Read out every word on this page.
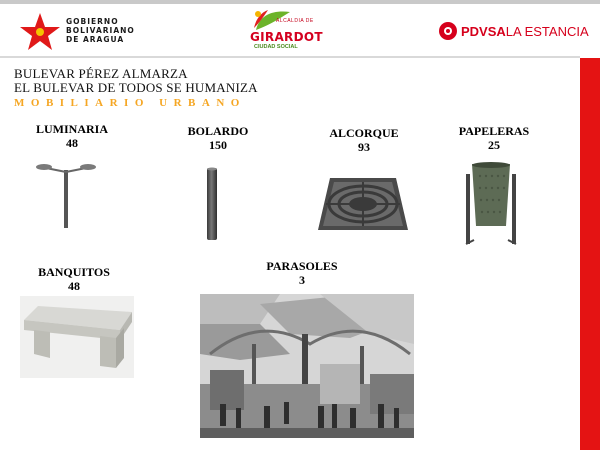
GOBIERNO
BOLIVARIANO
DE ARAGUA
ALCALDIA DE
GIRARDOT
CIUDAD SOCIAL
PDVSALA ESTANCIA
BULEVAR PÉREZ ALMARZA
EL BULEVAR DE TODOS SE HUMANIZA
MOBILIARIO URBANO
LUMINARIA
48
BOLARDO
150
ALCORQUE
93
PAPELERAS
25
BANQUITOS
48
PARASOLES
3
